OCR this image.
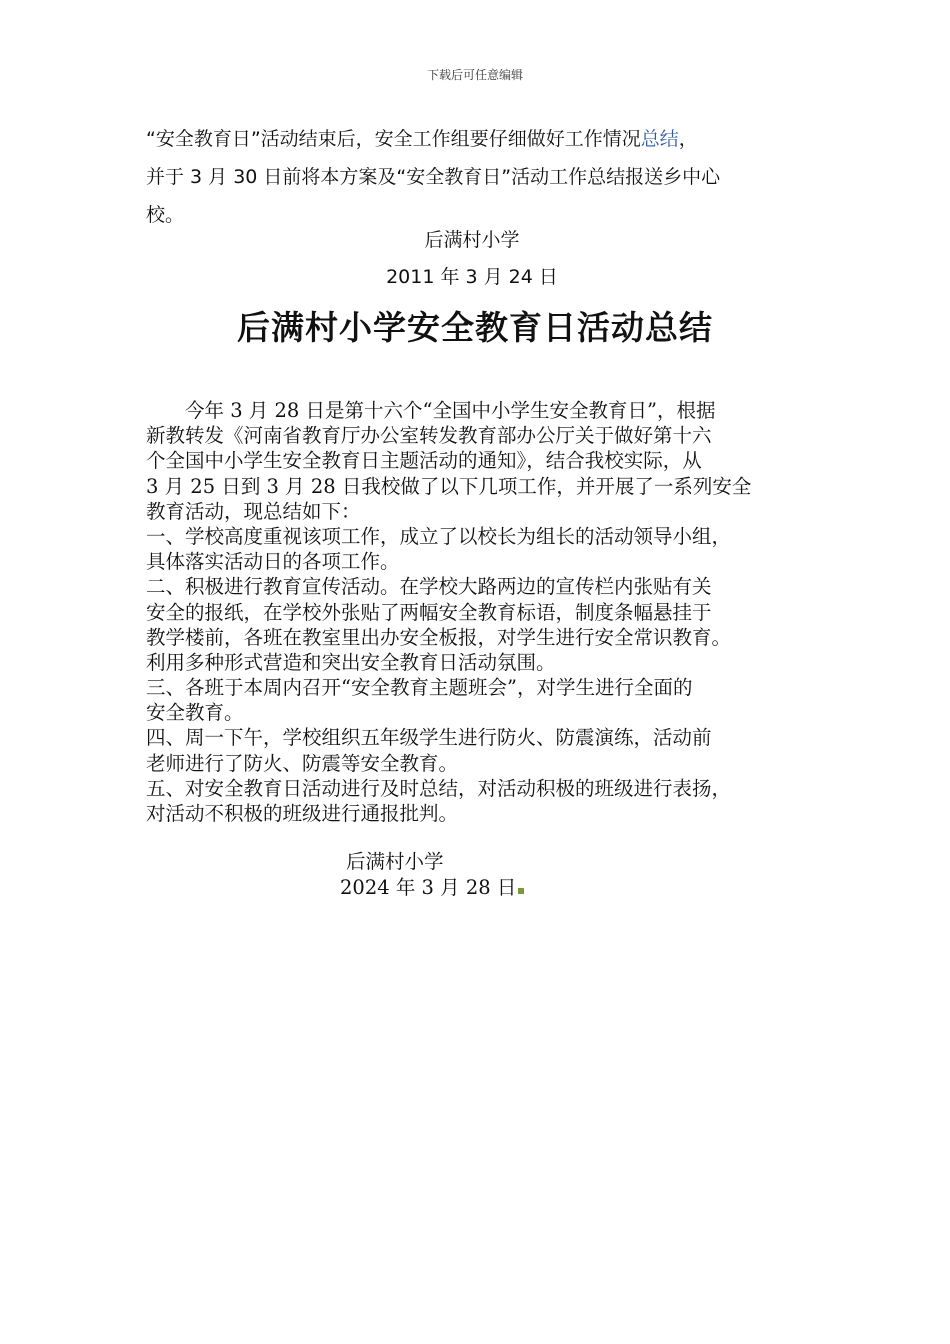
下载后可任意编辑
“安全教育日”活动结束后，安全工作组要仔细做好工作情况总结，
并于 3 月 30 日前将本方案及“安全教育日”活动工作总结报送乡中心
校。
后满村小学
2011 年 3 月 24 日
后满村小学安全教育日活动总结
　　今年 3 月 28 日是第十六个“全国中小学生安全教育日”，根据
新教转发《河南省教育厅办公室转发教育部办公厅关于做好第十六
个全国中小学生安全教育日主题活动的通知》，结合我校实际，从
3 月 25 日到 3 月 28 日我校做了以下几项工作，并开展了一系列安全
教育活动，现总结如下：
一、学校高度重视该项工作，成立了以校长为组长的活动领导小组，
具体落实活动日的各项工作。
二、积极进行教育宣传活动。在学校大路两边的宣传栏内张贴有关
安全的报纸，在学校外张贴了两幅安全教育标语，制度条幅悬挂于
教学楼前，各班在教室里出办安全板报，对学生进行安全常识教育。
利用多种形式营造和突出安全教育日活动氛围。
三、各班于本周内召开“安全教育主题班会”，对学生进行全面的
安全教育。
四、周一下午，学校组织五年级学生进行防火、防震演练，活动前
老师进行了防火、防震等安全教育。
五、对安全教育日活动进行及时总结，对活动积极的班级进行表扬，
对活动不积极的班级进行通报批判。
后满村小学
2024 年 3 月 28 日
